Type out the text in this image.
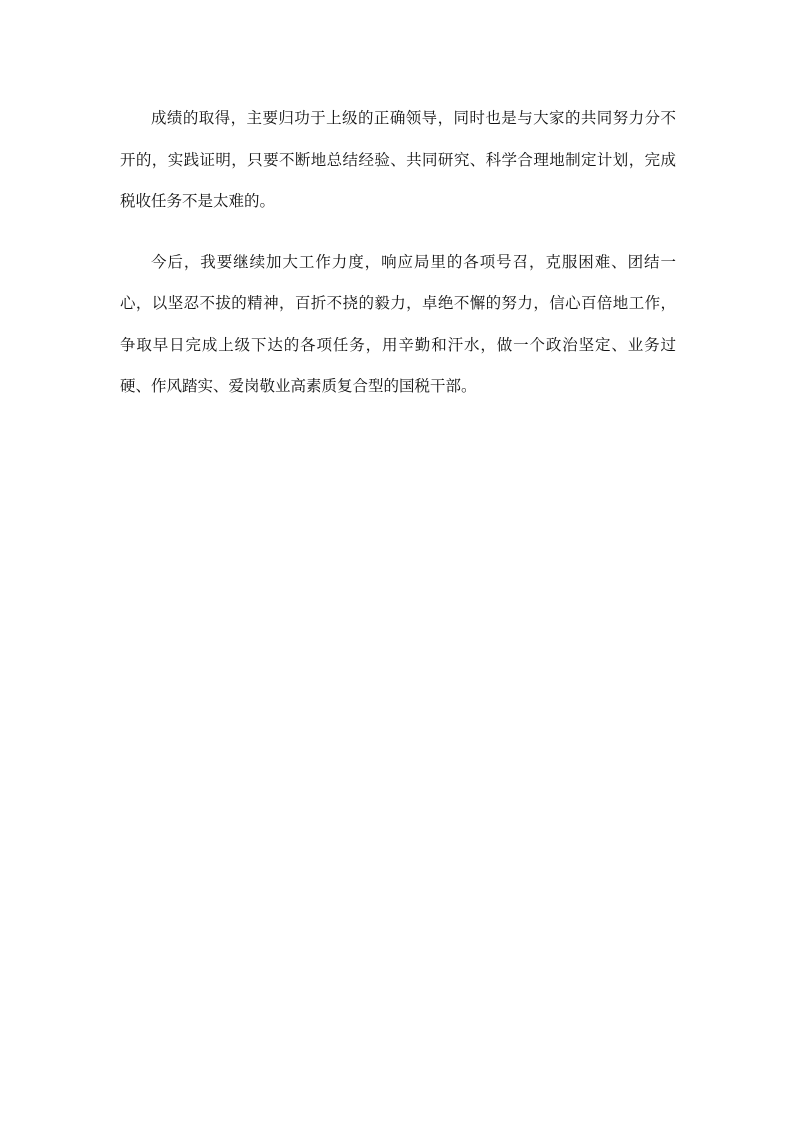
成绩的取得，主要归功于上级的正确领导，同时也是与大家的共同努力分不开的，实践证明，只要不断地总结经验、共同研究、科学合理地制定计划，完成税收任务不是太难的。

今后，我要继续加大工作力度，响应局里的各项号召，克服困难、团结一心，以坚忍不拔的精神，百折不挠的毅力，卓绝不懈的努力，信心百倍地工作，争取早日完成上级下达的各项任务，用辛勤和汗水，做一个政治坚定、业务过硬、作风踏实、爱岗敬业高素质复合型的国税干部。
